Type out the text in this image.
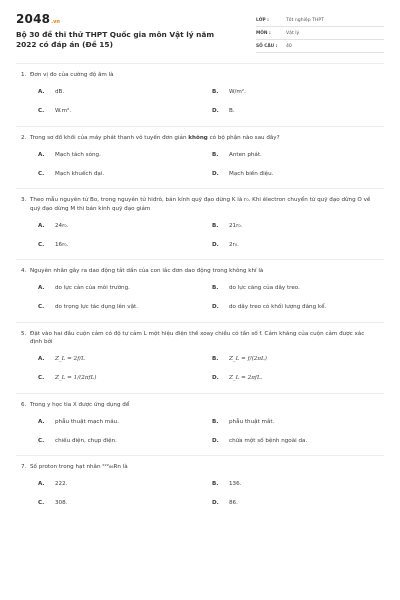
2048 .vn
Bộ 30 đề thi thử THPT Quốc gia môn Vật lý năm 2022 có đáp án (Đề 15)
LỚP :	Tốt nghiệp THPT
MÔN :	Vật lý
SỐ CÂU :	40
1. Đơn vị đo của cường độ âm là
A.	dB.	B.	W/m².
C.	W.m².	D.	B.
2. Trong sơ đồ khối của máy phát thanh vô tuyến đơn giản không có bộ phận nào sau đây?
A.	Mạch tách sóng.	B.	Anten phát.
C.	Mạch khuếch đại.	D.	Mạch biến điệu.
3. Theo mẫu nguyên tử Bo, trong nguyên tử hiđrô, bán kính quỹ đạo dừng K là r₀. Khi êlectron chuyển từ quỹ đạo dừng O về quỹ đạo dừng M thì bán kính quỹ đạo giảm
A.	24r₀.	B.	21r₀.
C.	16r₀.	D.	2r₀.
4. Nguyên nhân gây ra dao động tắt dần của con lắc đơn dao động trong không khí là
A.	do lực cản của môi trường.	B.	do lực căng của dây treo.
C.	do trọng lực tác dụng lên vật.	D.	do dây treo có khối lượng đáng kể.
5. Đặt vào hai đầu cuộn cảm có độ tự cảm L một hiệu điện thế xoay chiều có tần số f. Cảm kháng của cuộn cảm được xác định bởi
A.	Z_L = 2f/L	B.	Z_L = f/(2πL)
C.	Z_L = 1/(2πfL)	D.	Z_L = 2πfL.
6. Trong y học tia X được ứng dụng để
A.	phẫu thuật mạch máu.	B.	phẫu thuật mắt.
C.	chiếu điện, chụp điện.	D.	chữa một số bệnh ngoài da.
7. Số proton trong hạt nhân ²²²₈₆Rn là
A.	222.	B.	136.
C.	308.	D.	86.
